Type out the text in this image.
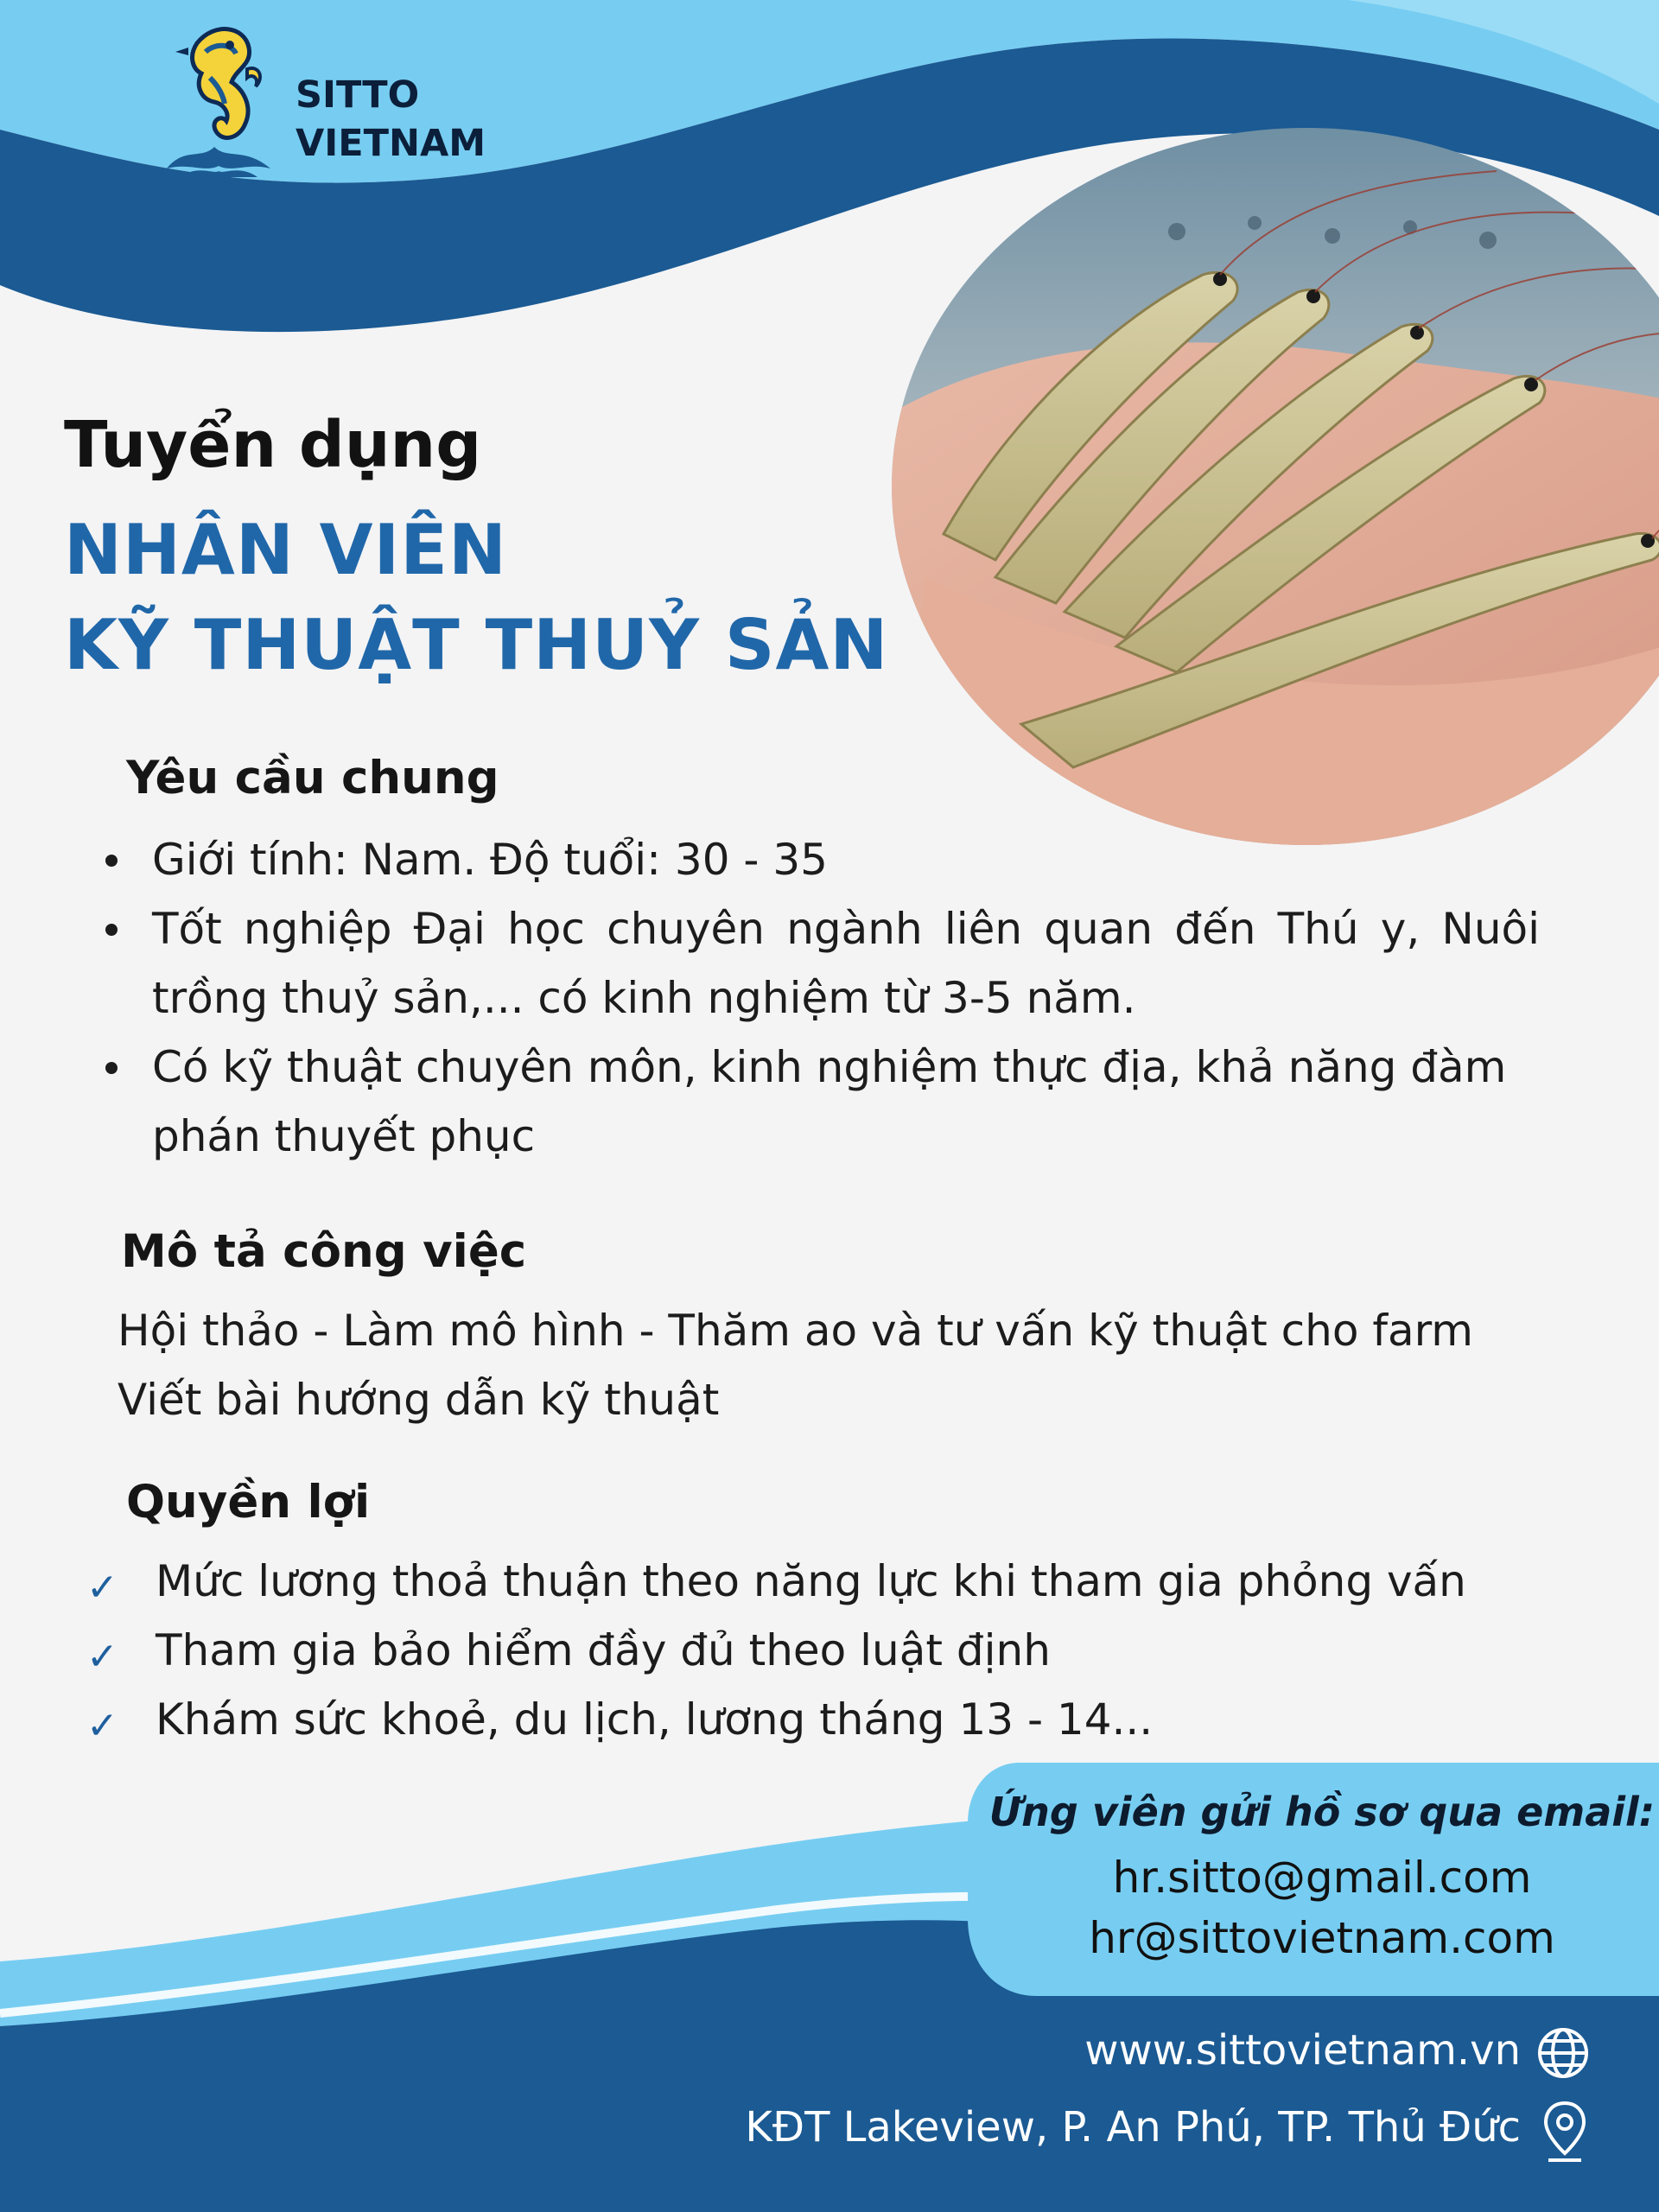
SITTO
VIETNAM
Tuyển dụng
NHÂN VIÊN
KỸ THUẬT THUỶ SẢN
Yêu cầu chung
Giới tính: Nam. Độ tuổi: 30 - 35
Tốt nghiệp Đại học chuyên ngành liên quan đến Thú y, Nuôi trồng thuỷ sản,... có kinh nghiệm từ 3-5 năm.
Có kỹ thuật chuyên môn, kinh nghiệm thực địa, khả năng đàm phán thuyết phục
Mô tả công việc
Hội thảo - Làm mô hình - Thăm ao và tư vấn kỹ thuật cho farm
Viết bài hướng dẫn kỹ thuật
Quyền lợi
✓ Mức lương thoả thuận theo năng lực khi tham gia phỏng vấn
✓ Tham gia bảo hiểm đầy đủ theo luật định
✓ Khám sức khoẻ, du lịch, lương tháng 13 - 14...
Ứng viên gửi hồ sơ qua email:
hr.sitto@gmail.com
hr@sittovietnam.com
www.sittovietnam.vn
KĐT Lakeview, P. An Phú, TP. Thủ Đức
